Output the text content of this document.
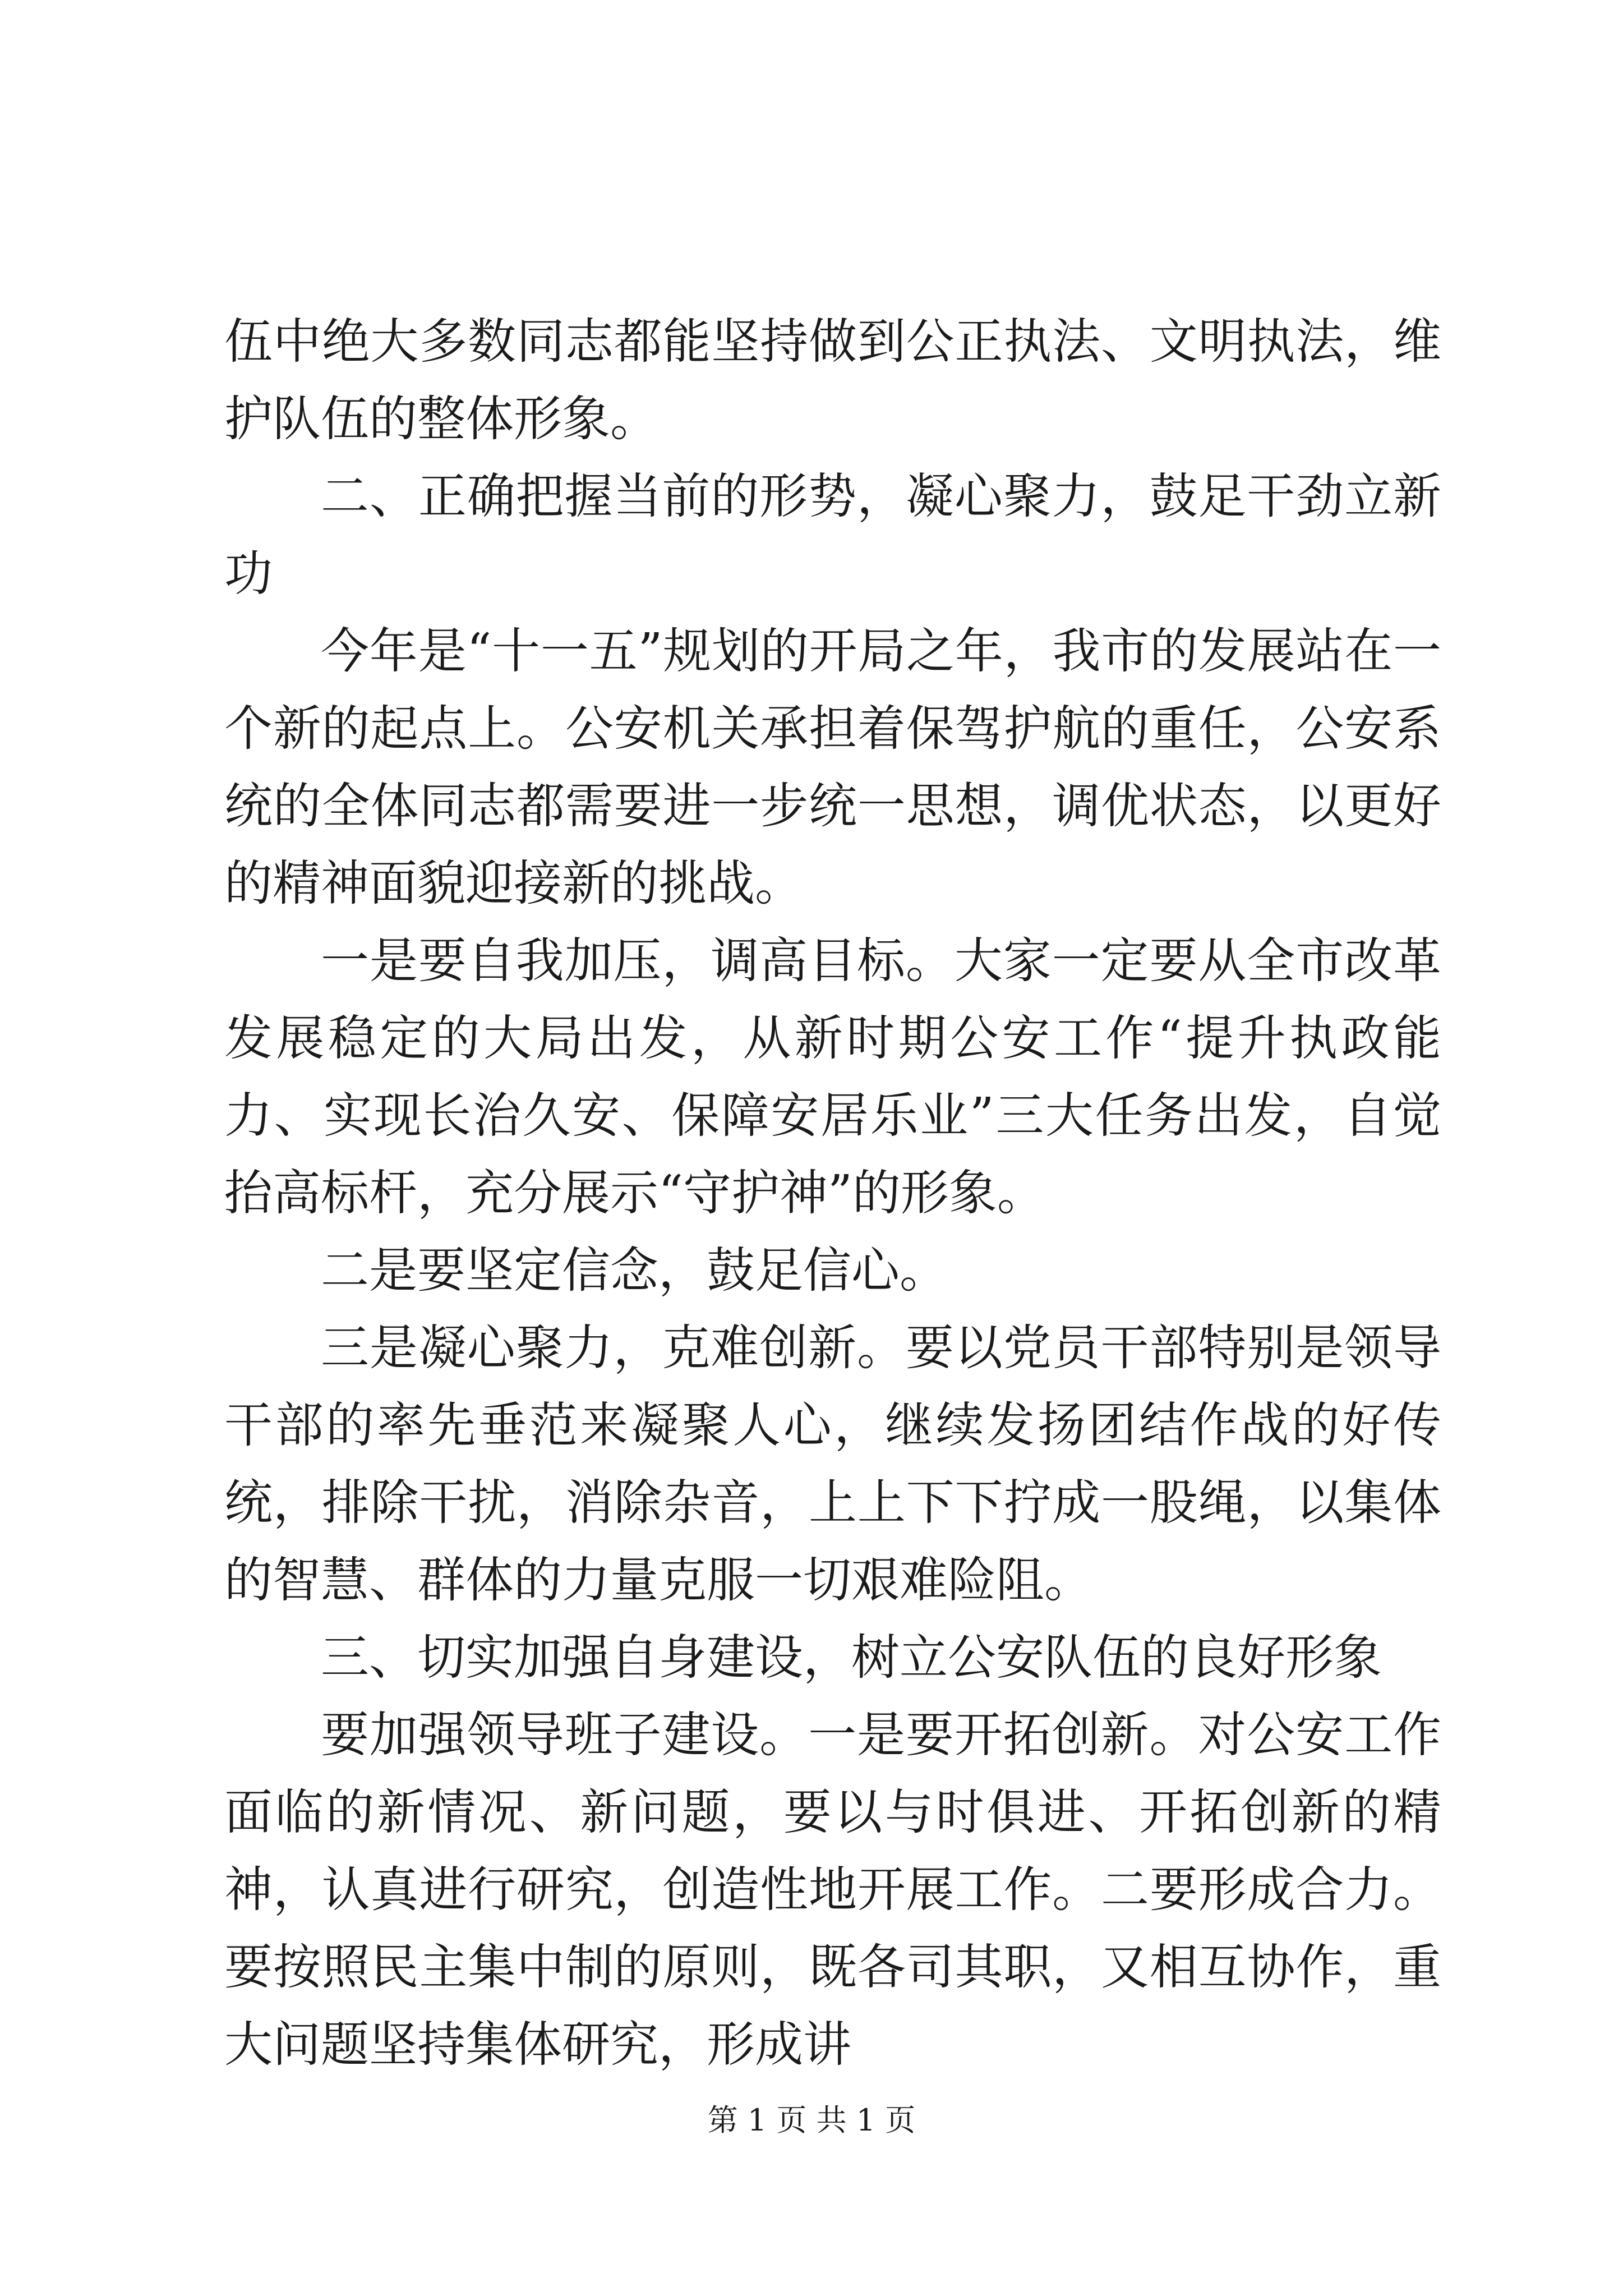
伍中绝大多数同志都能坚持做到公正执法、文明执法，维护队伍的整体形象。

二、正确把握当前的形势，凝心聚力，鼓足干劲立新功

今年是“十一五”规划的开局之年，我市的发展站在一个新的起点上。公安机关承担着保驾护航的重任，公安系统的全体同志都需要进一步统一思想，调优状态，以更好的精神面貌迎接新的挑战。

一是要自我加压，调高目标。大家一定要从全市改革发展稳定的大局出发，从新时期公安工作“提升执政能力、实现长治久安、保障安居乐业”三大任务出发，自觉抬高标杆，充分展示“守护神”的形象。

二是要坚定信念，鼓足信心。

三是凝心聚力，克难创新。要以党员干部特别是领导干部的率先垂范来凝聚人心，继续发扬团结作战的好传统，排除干扰，消除杂音，上上下下拧成一股绳，以集体的智慧、群体的力量克服一切艰难险阻。

三、切实加强自身建设，树立公安队伍的良好形象

要加强领导班子建设。一是要开拓创新。对公安工作面临的新情况、新问题，要以与时俱进、开拓创新的精神，认真进行研究，创造性地开展工作。二要形成合力。要按照民主集中制的原则，既各司其职，又相互协作，重大问题坚持集体研究，形成讲

第 1 页 共 1 页
